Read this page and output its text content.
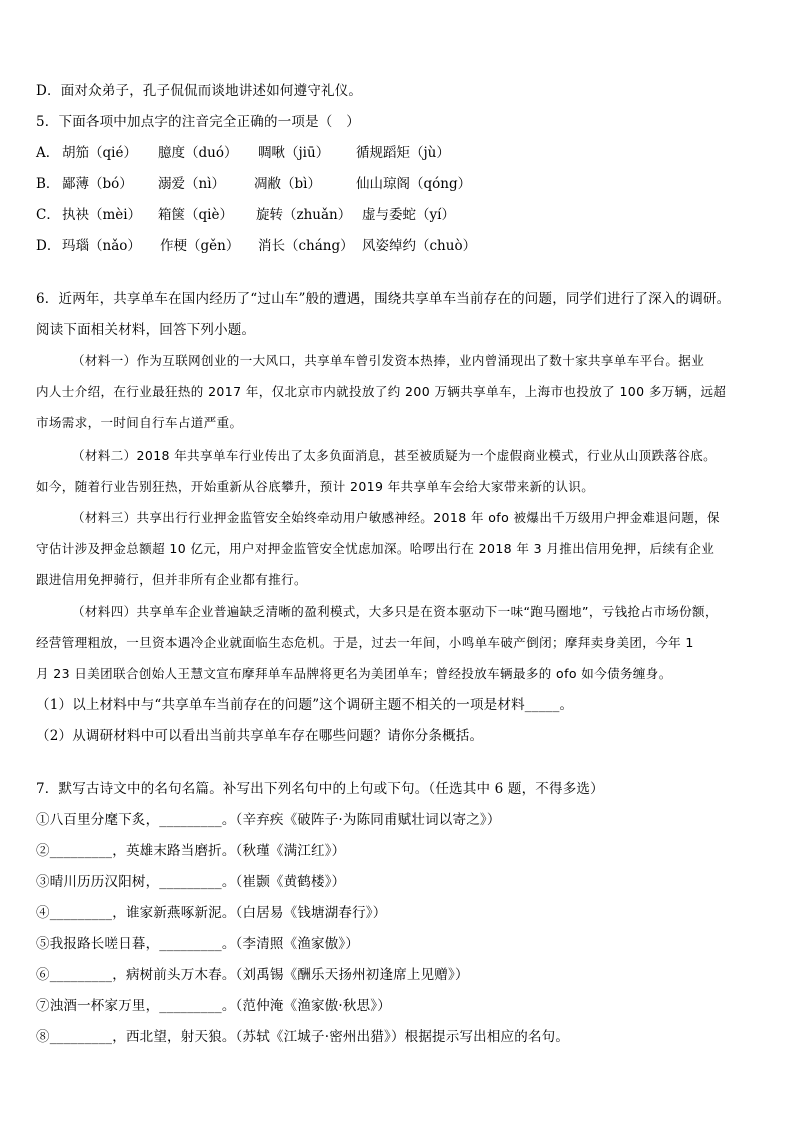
D．面对众弟子，孔子侃侃而谈地讲述如何遵守礼仪。
5．下面各项中加点字的注音完全正确的一项是（　）
A． 胡笳（qié） 臆度（duó） 啁啾（jiū） 循规蹈矩（jù）
B． 鄙薄（bó） 溺爱（nì） 凋敝（bì）	仙山琼阁（qóng）
C． 执袂（mèi） 箱箧（qiè） 旋转（zhuǎn） 虚与委蛇（yí）
D． 玛瑙（nǎo） 作梗（gěn） 消长（cháng） 风姿绰约（chuò）
6．近两年，共享单车在国内经历了“过山车”般的遭遇，围绕共享单车当前存在的问题，同学们进行了深入的调研。
阅读下面相关材料，回答下列小题。
（材料一）作为互联网创业的一大风口，共享单车曾引发资本热捧，业内曾涌现出了数十家共享单车平台。据业
内人士介绍，在行业最狂热的 2017 年，仅北京市内就投放了约 200 万辆共享单车，上海市也投放了 100 多万辆，远超
市场需求，一时间自行车占道严重。
（材料二）2018 年共享单车行业传出了太多负面消息，甚至被质疑为一个虚假商业模式，行业从山顶跌落谷底。
如今，随着行业告别狂热，开始重新从谷底攀升，预计 2019 年共享单车会给大家带来新的认识。
（材料三）共享出行行业押金监管安全始终牵动用户敏感神经。2018 年 ofo 被爆出千万级用户押金难退问题，保
守估计涉及押金总额超 10 亿元，用户对押金监管安全忧虑加深。哈啰出行在 2018 年 3 月推出信用免押，后续有企业
跟进信用免押骑行，但并非所有企业都有推行。
（材料四）共享单车企业普遍缺乏清晰的盈利模式，大多只是在资本驱动下一味“跑马圈地”，亏钱抢占市场份额，
经营管理粗放，一旦资本遇冷企业就面临生态危机。于是，过去一年间，小鸣单车破产倒闭；摩拜卖身美团，今年 1
月 23 日美团联合创始人王慧文宣布摩拜单车品牌将更名为美团单车；曾经投放车辆最多的 ofo 如今债务缠身。
（1）以上材料中与“共享单车当前存在的问题”这个调研主题不相关的一项是材料_____。
（2）从调研材料中可以看出当前共享单车存在哪些问题？请你分条概括。
7．默写古诗文中的名句名篇。补写出下列名句中的上句或下句。（任选其中 6 题，不得多选）
①八百里分麾下炙，_________。（辛弃疾《破阵子·为陈同甫赋壮词以寄之》）
②_________，英雄末路当磨折。（秋瑾《满江红》）
③晴川历历汉阳树，_________。（崔颢《黄鹤楼》）
④_________，谁家新燕啄新泥。（白居易《钱塘湖春行》）
⑤我报路长嗟日暮，_________。（李清照《渔家傲》）
⑥_________，病树前头万木春。（刘禹锡《酬乐天扬州初逢席上见赠》）
⑦浊酒一杯家万里，_________。（范仲淹《渔家傲·秋思》）
⑧_________，西北望，射天狼。（苏轼《江城子·密州出猎》）根据提示写出相应的名句。
